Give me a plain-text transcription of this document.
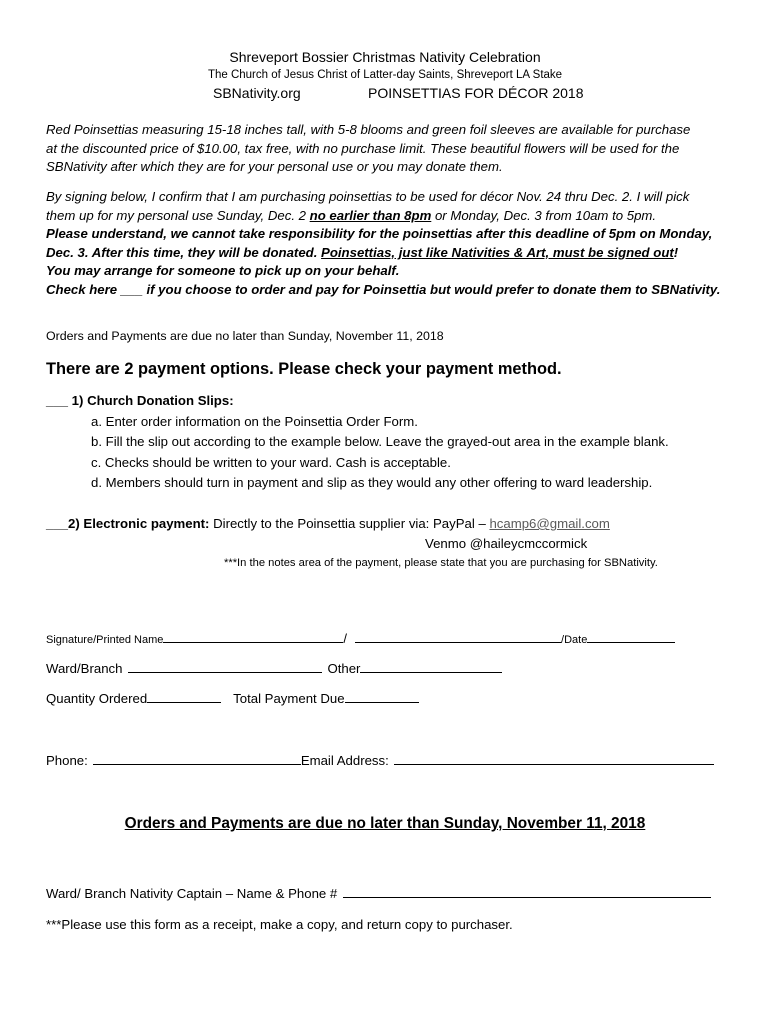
Shreveport Bossier Christmas Nativity Celebration
The Church of Jesus Christ of Latter-day Saints, Shreveport LA Stake
SBNativity.org	POINSETTIAS FOR DÉCOR 2018
Red Poinsettias measuring 15-18 inches tall, with 5-8 blooms and green foil sleeves are available for purchase
at the discounted price of $10.00, tax free, with no purchase limit. These beautiful flowers will be used for the
SBNativity after which they are for your personal use or you may donate them.
By signing below, I confirm that I am purchasing poinsettias to be used for décor Nov. 24 thru Dec. 2. I will pick
them up for my personal use Sunday, Dec. 2 no earlier than 8pm or Monday, Dec. 3 from 10am to 5pm.
Please understand, we cannot take responsibility for the poinsettias after this deadline of 5pm on Monday,
Dec. 3. After this time, they will be donated. Poinsettias, just like Nativities & Art, must be signed out!
You may arrange for someone to pick up on your behalf.
Check here ___ if you choose to order and pay for Poinsettia but would prefer to donate them to SBNativity.
Orders and Payments are due no later than Sunday, November 11, 2018
There are 2 payment options. Please check your payment method.
___ 1) Church Donation Slips:
a. Enter order information on the Poinsettia Order Form.
b. Fill the slip out according to the example below. Leave the grayed-out area in the example blank.
c. Checks should be written to your ward. Cash is acceptable.
d. Members should turn in payment and slip as they would any other offering to ward leadership.
___2) Electronic payment: Directly to the Poinsettia supplier via: PayPal – hcamp6@gmail.com
Venmo @haileycmccormick
***In the notes area of the payment, please state that you are purchasing for SBNativity.
Signature/Printed Name	/	/Date
Ward/Branch	Other
Quantity Ordered	Total Payment Due
Phone:	Email Address:
Orders and Payments are due no later than Sunday, November 11, 2018
Ward/ Branch Nativity Captain – Name & Phone #
***Please use this form as a receipt, make a copy, and return copy to purchaser.
